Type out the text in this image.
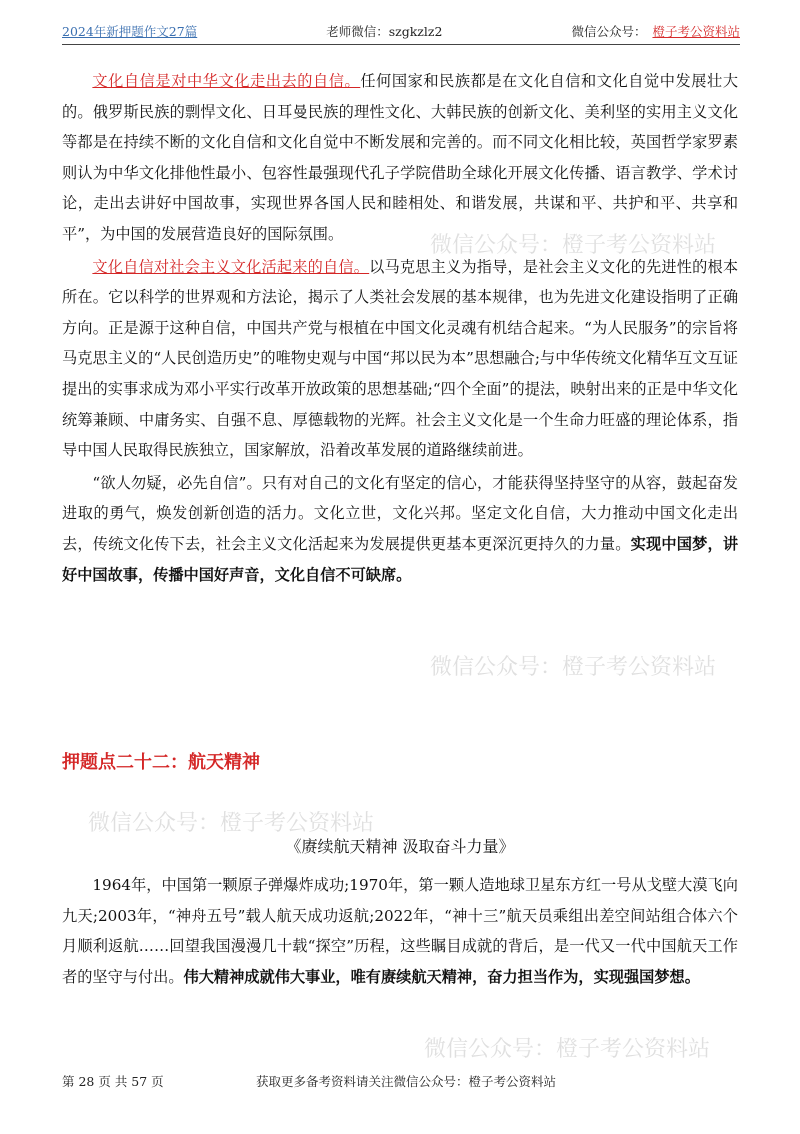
2024年新押题作文27篇	老师微信：szgkzlz2	微信公众号： 橙子考公资料站
微信公众号：橙子考公资料站
微信公众号：橙子考公资料站
微信公众号：橙子考公资料站
微信公众号：橙子考公资料站

文化自信是对中华文化走出去的自信。任何国家和民族都是在文化自信和文化自觉中发展壮大的。俄罗斯民族的剽悍文化、日耳曼民族的理性文化、大韩民族的创新文化、美利坚的实用主义文化等都是在持续不断的文化自信和文化自觉中不断发展和完善的。而不同文化相比较，英国哲学家罗素则认为中华文化排他性最小、包容性最强现代孔子学院借助全球化开展文化传播、语言教学、学术讨论，走出去讲好中国故事，实现世界各国人民和睦相处、和谐发展，共谋和平、共护和平、共享和平”，为中国的发展营造良好的国际氛围。

文化自信对社会主义文化活起来的自信。以马克思主义为指导，是社会主义文化的先进性的根本所在。它以科学的世界观和方法论，揭示了人类社会发展的基本规律，也为先进文化建设指明了正确方向。正是源于这种自信，中国共产党与根植在中国文化灵魂有机结合起来。“为人民服务”的宗旨将马克思主义的“人民创造历史”的唯物史观与中国“邦以民为本”思想融合;与中华传统文化精华互文互证提出的实事求成为邓小平实行改革开放政策的思想基础;“四个全面”的提法，映射出来的正是中华文化统筹兼顾、中庸务实、自强不息、厚德载物的光辉。社会主义文化是一个生命力旺盛的理论体系，指导中国人民取得民族独立，国家解放，沿着改革发展的道路继续前进。

“欲人勿疑，必先自信”。只有对自己的文化有坚定的信心，才能获得坚持坚守的从容，鼓起奋发进取的勇气，焕发创新创造的活力。文化立世，文化兴邦。坚定文化自信，大力推动中国文化走出去，传统文化传下去，社会主义文化活起来为发展提供更基本更深沉更持久的力量。实现中国梦，讲好中国故事，传播中国好声音，文化自信不可缺席。

押题点二十二：航天精神
《赓续航天精神 汲取奋斗力量》

1964年，中国第一颗原子弹爆炸成功;1970年，第一颗人造地球卫星东方红一号从戈壁大漠飞向九天;2003年，“神舟五号”载人航天成功返航;2022年，“神十三”航天员乘组出差空间站组合体六个月顺利返航……回望我国漫漫几十载“探空”历程，这些瞩目成就的背后，是一代又一代中国航天工作者的坚守与付出。伟大精神成就伟大事业，唯有赓续航天精神，奋力担当作为，实现强国梦想。

第 28 页 共 57 页	获取更多备考资料请关注微信公众号：橙子考公资料站
